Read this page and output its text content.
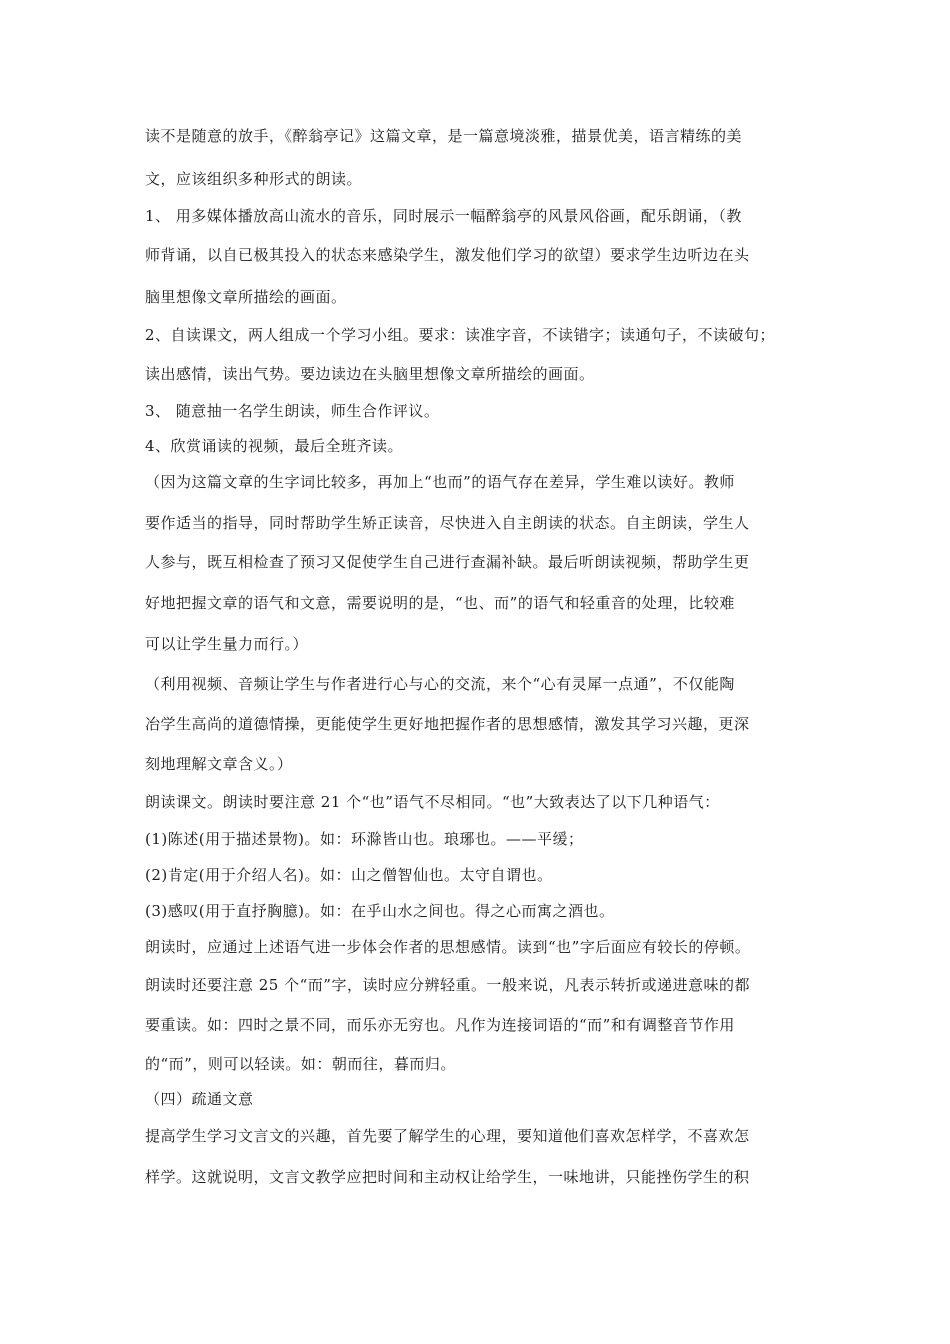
读不是随意的放手，《醉翁亭记》这篇文章，是一篇意境淡雅，描景优美，语言精练的美
文，应该组织多种形式的朗读。
1、 用多媒体播放高山流水的音乐，同时展示一幅醉翁亭的风景风俗画，配乐朗诵，（教
师背诵，以自已极其投入的状态来感染学生，激发他们学习的欲望）要求学生边听边在头
脑里想像文章所描绘的画面。
2、自读课文，两人组成一个学习小组。要求：读准字音，不读错字；读通句子，不读破句；
读出感情，读出气势。要边读边在头脑里想像文章所描绘的画面。
3、 随意抽一名学生朗读，师生合作评议。
4、欣赏诵读的视频，最后全班齐读。
（因为这篇文章的生字词比较多，再加上“也而”的语气存在差异，学生难以读好。教师
要作适当的指导，同时帮助学生矫正读音，尽快进入自主朗读的状态。自主朗读，学生人
人参与，既互相检查了预习又促使学生自己进行查漏补缺。最后听朗读视频，帮助学生更
好地把握文章的语气和文意，需要说明的是，“也、而”的语气和轻重音的处理，比较难
可以让学生量力而行。）
（利用视频、音频让学生与作者进行心与心的交流，来个“心有灵犀一点通”，不仅能陶
冶学生高尚的道德情操，更能使学生更好地把握作者的思想感情，激发其学习兴趣，更深
刻地理解文章含义。）
朗读课文。朗读时要注意 21 个“也”语气不尽相同。“也”大致表达了以下几种语气：
(1)陈述(用于描述景物)。如：环滁皆山也。琅琊也。——平缓；
(2)肯定(用于介绍人名)。如：山之僧智仙也。太守自谓也。
(3)感叹(用于直抒胸臆)。如：在乎山水之间也。得之心而寓之酒也。
朗读时，应通过上述语气进一步体会作者的思想感情。读到“也”字后面应有较长的停顿。
朗读时还要注意 25 个“而”字，读时应分辨轻重。一般来说，凡表示转折或递进意味的都
要重读。如：四时之景不同，而乐亦无穷也。凡作为连接词语的“而”和有调整音节作用
的“而”，则可以轻读。如：朝而往，暮而归。
（四）疏通文意
提高学生学习文言文的兴趣，首先要了解学生的心理，要知道他们喜欢怎样学，不喜欢怎
样学。这就说明，文言文教学应把时间和主动权让给学生，一味地讲，只能挫伤学生的积
